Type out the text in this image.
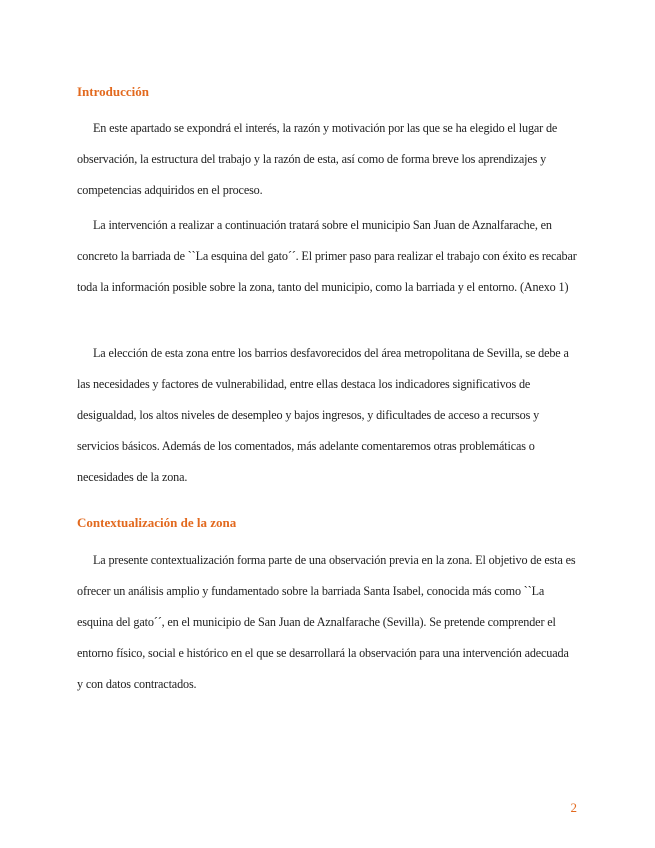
Introducción

En este apartado se expondrá el interés, la razón y motivación por las que se ha elegido el lugar de observación, la estructura del trabajo y la razón de esta, así como de forma breve los aprendizajes y competencias adquiridos en el proceso.

La intervención a realizar a continuación tratará sobre el municipio San Juan de Aznalfarache, en concreto la barriada de ``La esquina del gato´´. El primer paso para realizar el trabajo con éxito es recabar toda la información posible sobre la zona, tanto del municipio, como la barriada y el entorno. (Anexo 1)

La elección de esta zona entre los barrios desfavorecidos del área metropolitana de Sevilla, se debe a las necesidades y factores de vulnerabilidad, entre ellas destaca los indicadores significativos de desigualdad, los altos niveles de desempleo y bajos ingresos, y dificultades de acceso a recursos y servicios básicos. Además de los comentados, más adelante comentaremos otras problemáticas o necesidades de la zona.

Contextualización de la zona

La presente contextualización forma parte de una observación previa en la zona. El objetivo de esta es ofrecer un análisis amplio y fundamentado sobre la barriada Santa Isabel, conocida más como ``La esquina del gato´´, en el municipio de San Juan de Aznalfarache (Sevilla). Se pretende comprender el entorno físico, social e histórico en el que se desarrollará la observación para una intervención adecuada y con datos contractados.

2
